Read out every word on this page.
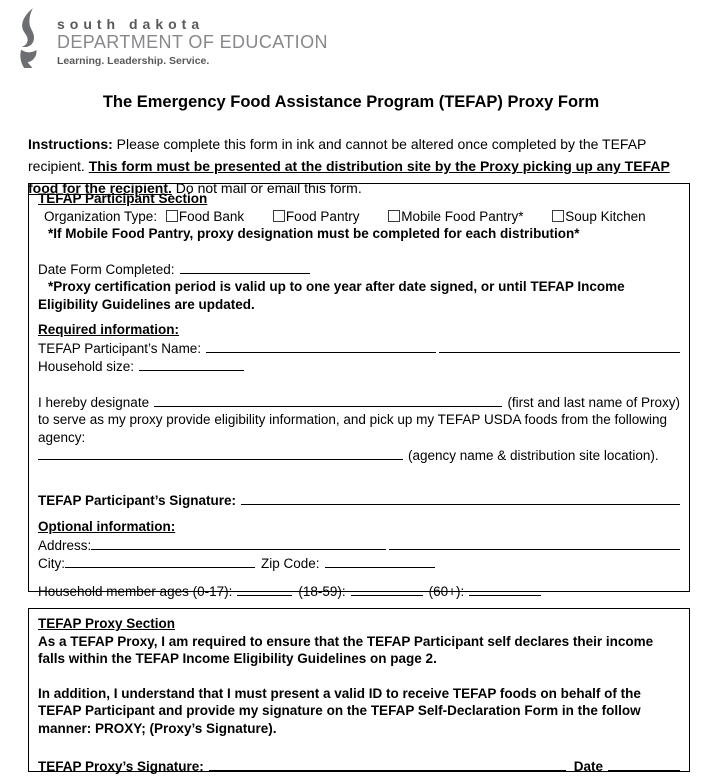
south dakota
DEPARTMENT OF EDUCATION
Learning. Leadership. Service.
The Emergency Food Assistance Program (TEFAP) Proxy Form

Instructions: Please complete this form in ink and cannot be altered once completed by the TEFAP recipient. This form must be presented at the distribution site by the Proxy picking up any TEFAP food for the recipient. Do not mail or email this form.

TEFAP Participant Section
Organization Type: Food Bank	Food Pantry	Mobile Food Pantry*	Soup Kitchen
*If Mobile Food Pantry, proxy designation must be completed for each distribution*
Date Form Completed:
*Proxy certification period is valid up to one year after date signed, or until TEFAP Income Eligibility Guidelines are updated.
Required information:
TEFAP Participant’s Name:
Household size:
I hereby designate	(first and last name of Proxy)
to serve as my proxy provide eligibility information, and pick up my TEFAP USDA foods from the following agency:
(agency name & distribution site location).
TEFAP Participant’s Signature:
Optional information:
Address:
City:	Zip Code:
Household member ages (0-17):	(18-59):	(60+):
TEFAP Proxy Section
As a TEFAP Proxy, I am required to ensure that the TEFAP Participant self declares their income falls within the TEFAP Income Eligibility Guidelines on page 2.
In addition, I understand that I must present a valid ID to receive TEFAP foods on behalf of the TEFAP Participant and provide my signature on the TEFAP Self-Declaration Form in the follow manner: PROXY; (Proxy’s Signature).
TEFAP Proxy’s Signature:	Date
